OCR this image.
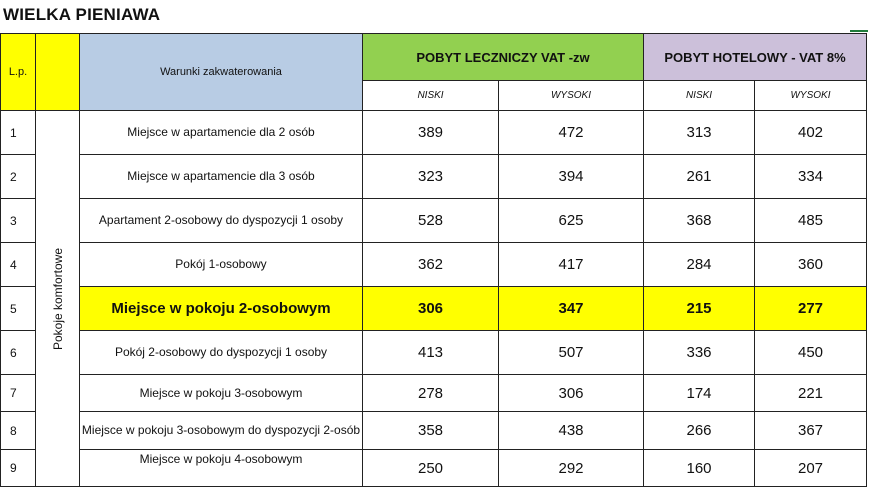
WIELKA PIENIAWA
L.p.		Warunki zakwaterowania	POBYT LECZNICZY VAT -zw		POBYT HOTELOWY - VAT 8%	
			NISKI	WYSOKI	NISKI	WYSOKI
1	Pokoje komfortowe	Miejsce w apartamencie dla 2 osób	389	472	313	402
2		Miejsce w apartamencie dla 3 osób	323	394	261	334
3		Apartament 2-osobowy do dyspozycji 1 osoby	528	625	368	485
4		Pokój 1-osobowy	362	417	284	360
5		Miejsce w pokoju 2-osobowym	306	347	215	277
6		Pokój 2-osobowy do dyspozycji 1 osoby	413	507	336	450
7		Miejsce w pokoju 3-osobowym	278	306	174	221
8		Miejsce w pokoju 3-osobowym do dyspozycji 2-osób	358	438	266	367
9		Miejsce w pokoju 4-osobowym	250	292	160	207
